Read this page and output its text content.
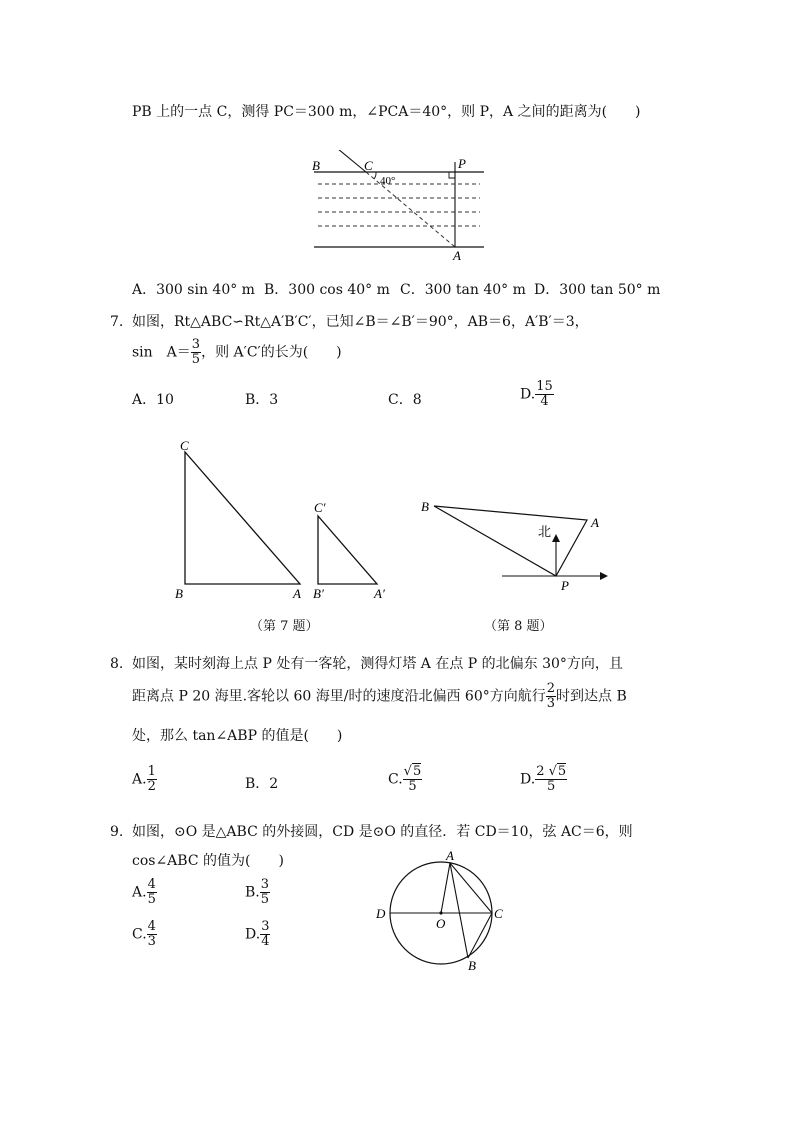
PB 上的一点 C，测得 PC＝300 m，∠PCA＝40°，则 P，A 之间的距离为(　　)
B	C	P
A
40°
A．300 sin 40° m B．300 cos 40° m C．300 tan 40° m D．300 tan 50° m
7. 如图，Rt△ABC∽Rt△A′B′C′，已知∠B＝∠B′＝90°，AB＝6，A′B′＝3，
sin　$A= \frac{3}{5}$ ，则 A′C′的长为(　　)
A．10	B．3	C．8	D. $\frac{15}{4}$
C
B	A
C′
B′	A′
（第 7 题）
B
A
P
北
（第 8 题）
8. 如图，某时刻海上点 P 处有一客轮，测得灯塔 A 在点 P 的北偏东 30°方向，且
距离点 P 20 海里.客轮以 60 海里/时的速度沿北偏西 60°方向航行 $\frac{2}{3}$ 时到达点 B
处，那么 tan∠ABP 的值是(　　)
A. $\frac{1}{2}$	B．2	C. $\frac{√5}{5}$	D. $\frac{2 √5}{5}$
9. 如图，⊙O 是△ABC 的外接圆，CD 是⊙O 的直径．若 CD＝10，弦 AC＝6，则
cos∠ABC 的值为(　　)
A. $\frac{4}{5}$	B. $\frac{3}{5}$
C. $\frac{4}{3}$	D. $\frac{3}{4}$
A
D
O
C
B
